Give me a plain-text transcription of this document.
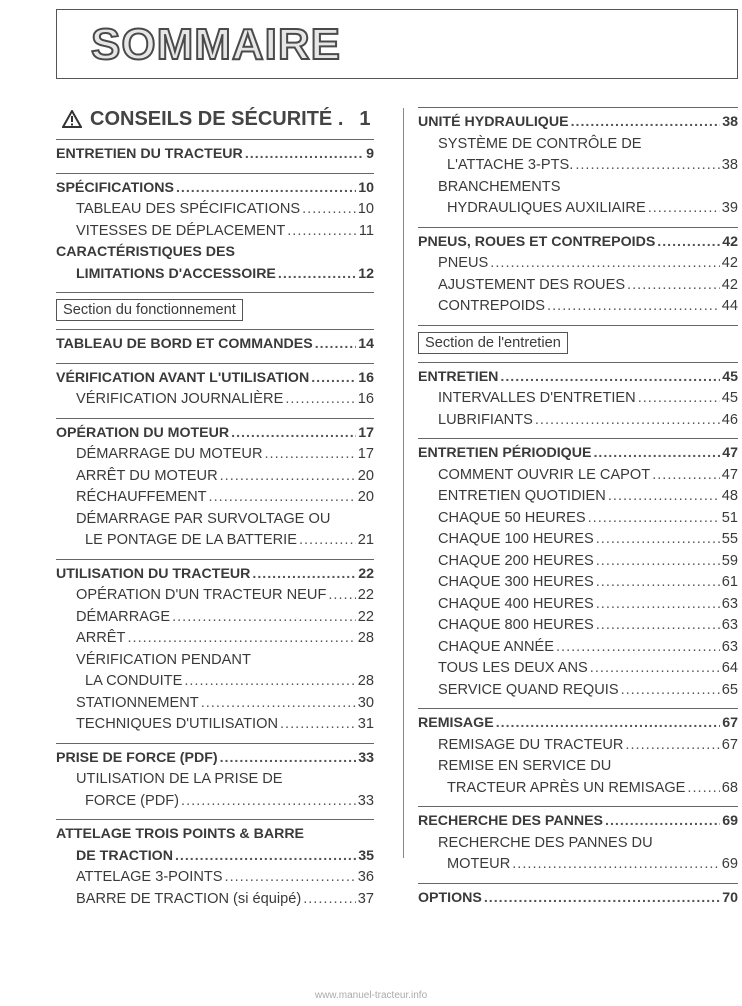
SOMMAIRE
CONSEILS DE SÉCURITÉ . 1
ENTRETIEN DU TRACTEUR .....	9
SPÉCIFICATIONS .....	10
TABLEAU DES SPÉCIFICATIONS .....	10
VITESSES DE DÉPLACEMENT .....	11
CARACTÉRISTIQUES DES
LIMITATIONS D'ACCESSOIRE .....	12
Section du fonctionnement
TABLEAU DE BORD ET COMMANDES .....	14
VÉRIFICATION AVANT L'UTILISATION .....	16
VÉRIFICATION JOURNALIÈRE .....	16
OPÉRATION DU MOTEUR .....	17
DÉMARRAGE DU MOTEUR .....	17
ARRÊT DU MOTEUR .....	20
RÉCHAUFFEMENT .....	20
DÉMARRAGE PAR SURVOLTAGE OU
LE PONTAGE DE LA BATTERIE .....	21
UTILISATION DU TRACTEUR .....	22
OPÉRATION D'UN TRACTEUR NEUF ..... 22
DÉMARRAGE .....	22
ARRÊT .....	28
VÉRIFICATION PENDANT
LA CONDUITE .....	28
STATIONNEMENT .....	30
TECHNIQUES D'UTILISATION .....	31
PRISE DE FORCE (PDF) .....	33
UTILISATION DE LA PRISE DE
FORCE (PDF) .....	33
ATTELAGE TROIS POINTS & BARRE
DE TRACTION .....	35
ATTELAGE 3-POINTS .....	36
BARRE DE TRACTION (si équipé) .....	37
UNITÉ HYDRAULIQUE .....	38
SYSTÈME DE CONTRÔLE DE
L'ATTACHE 3-PTS. .....	38
BRANCHEMENTS
HYDRAULIQUES AUXILIAIRE .....	39
PNEUS, ROUES ET CONTREPOIDS .....	42
PNEUS .....	42
AJUSTEMENT DES ROUES .....	42
CONTREPOIDS .....	44
Section de l'entretien
ENTRETIEN .....	45
INTERVALLES D'ENTRETIEN .....	45
LUBRIFIANTS .....	46
ENTRETIEN PÉRIODIQUE .....	47
COMMENT OUVRIR LE CAPOT .....	47
ENTRETIEN QUOTIDIEN .....	48
CHAQUE 50 HEURES .....	51
CHAQUE 100 HEURES .....	55
CHAQUE 200 HEURES .....	59
CHAQUE 300 HEURES .....	61
CHAQUE 400 HEURES .....	63
CHAQUE 800 HEURES .....	63
CHAQUE ANNÉE .....	63
TOUS LES DEUX ANS .....	64
SERVICE QUAND REQUIS .....	65
REMISAGE .....	67
REMISAGE DU TRACTEUR .....	67
REMISE EN SERVICE DU
TRACTEUR APRÈS UN REMISAGE ..... 68
RECHERCHE DES PANNES .....	69
RECHERCHE DES PANNES DU
MOTEUR .....	69
OPTIONS .....	70
www.manuel-tracteur.info
